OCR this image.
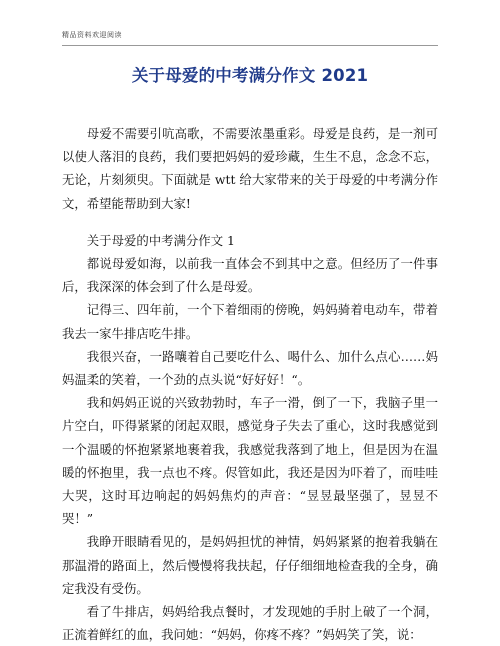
精品资料欢迎阅读
关于母爱的中考满分作文 2021

母爱不需要引吭高歌，不需要浓墨重彩。母爱是良药，是一剂可以使人落泪的良药，我们要把妈妈的爱珍藏，生生不息，念念不忘，无论，片刻须臾。下面就是 wtt 给大家带来的关于母爱的中考满分作文，希望能帮助到大家!

关于母爱的中考满分作文 1

都说母爱如海，以前我一直体会不到其中之意。但经历了一件事后，我深深的体会到了什么是母爱。

记得三、四年前，一个下着细雨的傍晚，妈妈骑着电动车，带着我去一家牛排店吃牛排。

我很兴奋，一路嚷着自己要吃什么、喝什么、加什么点心……妈妈温柔的笑着，一个劲的点头说“好好好！“。

我和妈妈正说的兴致勃勃时，车子一滑，倒了一下，我脑子里一片空白，吓得紧紧的闭起双眼，感觉身子失去了重心，这时我感觉到一个温暖的怀抱紧紧地裹着我，我感觉我落到了地上，但是因为在温暖的怀抱里，我一点也不疼。侭管如此，我还是因为吓着了，而哇哇大哭，这时耳边响起的妈妈焦灼的声音：“昱昱最坚强了，昱昱不哭！”

我睁开眼睛看见的，是妈妈担忧的神情，妈妈紧紧的抱着我躺在那温滑的路面上，然后慢慢将我扶起，仔仔细细地检查我的全身，确定我没有受伤。

看了牛排店，妈妈给我点餐时，才发现她的手肘上破了一个洞，正流着鲜红的血，我问她：“妈妈，你疼不疼？”妈妈笑了笑，说：
